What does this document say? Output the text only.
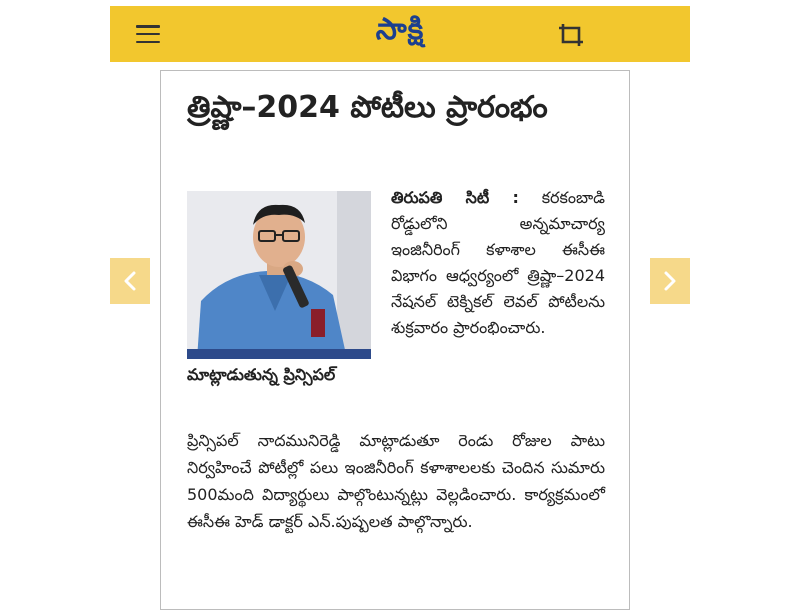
సాక్షి
త్రిష్ణా–2024 పోటీలు ప్రారంభం
మాట్లాడుతున్న ప్రిన్సిపల్

తిరుపతి సిటీ : కరకంబాడి రోడ్డులోని అన్నమాచార్య ఇంజినీరింగ్‌ కళాశాల ఈసీఈ విభాగం ఆధ్వర్యంలో త్రిష్ణా–2024 నేషనల్‌ టెక్నికల్‌ లెవల్‌ పోటీలను శుక్రవారం ప్రారంభించారు.

ప్రిన్సిపల్‌ నాదమునిరెడ్డి మాట్లాడుతూ రెండు రోజుల పాటు నిర్వహించే పోటీల్లో పలు ఇంజినీరింగ్‌ కళాశాలలకు చెందిన సుమారు 500మంది విద్యార్థులు పాల్గొంటున్నట్లు వెల్లడించారు. కార్యక్రమంలో ఈసీఈ హెడ్‌ డాక్టర్‌ ఎన్‌.పుష్పలత పాల్గొన్నారు.
